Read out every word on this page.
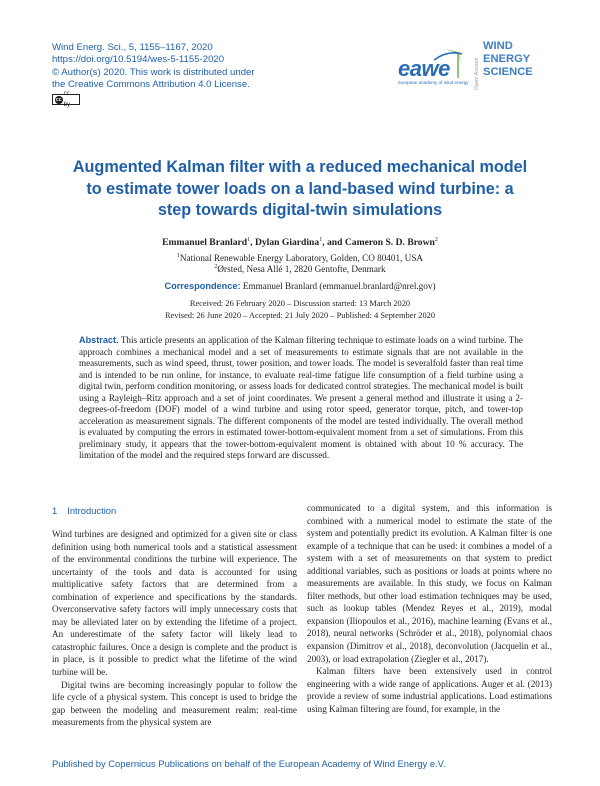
Wind Energ. Sci., 5, 1155–1167, 2020
https://doi.org/10.5194/wes-5-1155-2020
© Author(s) 2020. This work is distributed under
the Creative Commons Attribution 4.0 License.
cc
cc by
eawe
european academy of wind energy Open Access
WIND
ENERGY
SCIENCE
Augmented Kalman filter with a reduced mechanical model to estimate tower loads on a land-based wind turbine: a step towards digital-twin simulations
Emmanuel Branlard$^1$, Dylan Giardina$^1$, and Cameron S. D. Brown$^2$
$^1$National Renewable Energy Laboratory, Golden, CO 80401, USA
$^2$Ørsted, Nesa Allé 1, 2820 Gentofte, Denmark
Correspondence: Emmanuel Branlard (emmanuel.branlard@nrel.gov)
Received: 26 February 2020 – Discussion started: 13 March 2020
Revised: 26 June 2020 – Accepted: 21 July 2020 – Published: 4 September 2020
Abstract. This article presents an application of the Kalman filtering technique to estimate loads on a wind turbine. The approach combines a mechanical model and a set of measurements to estimate signals that are not available in the measurements, such as wind speed, thrust, tower position, and tower loads. The model is severalfold faster than real time and is intended to be run online, for instance, to evaluate real-time fatigue life consumption of a field turbine using a digital twin, perform condition monitoring, or assess loads for dedicated control strategies. The mechanical model is built using a Rayleigh–Ritz approach and a set of joint coordinates. We present a general method and illustrate it using a 2-degrees-of-freedom (DOF) model of a wind turbine and using rotor speed, generator torque, pitch, and tower-top acceleration as measurement signals. The different components of the model are tested individually. The overall method is evaluated by computing the errors in estimated tower-bottom-equivalent moment from a set of simulations. From this preliminary study, it appears that the tower-bottom-equivalent moment is obtained with about 10 % accuracy. The limitation of the model and the required steps forward are discussed.
1 Introduction

Wind turbines are designed and optimized for a given site or class definition using both numerical tools and a statistical assessment of the environmental conditions the turbine will experience. The uncertainty of the tools and data is accounted for using multiplicative safety factors that are determined from a combination of experience and specifications by the standards. Overconservative safety factors will imply unnecessary costs that may be alleviated later on by extending the lifetime of a project. An underestimate of the safety factor will likely lead to catastrophic failures. Once a design is complete and the product is in place, is it possible to predict what the lifetime of the wind turbine will be.

Digital twins are becoming increasingly popular to follow the life cycle of a physical system. This concept is used to bridge the gap between the modeling and measurement realm: real-time measurements from the physical system are

communicated to a digital system, and this information is combined with a numerical model to estimate the state of the system and potentially predict its evolution. A Kalman filter is one example of a technique that can be used: it combines a model of a system with a set of measurements on that system to predict additional variables, such as positions or loads at points where no measurements are available. In this study, we focus on Kalman filter methods, but other load estimation techniques may be used, such as lookup tables (Mendez Reyes et al., 2019), modal expansion (Iliopoulos et al., 2016), machine learning (Evans et al., 2018), neural networks (Schröder et al., 2018), polynomial chaos expansion (Dimitrov et al., 2018), deconvolution (Jacquelin et al., 2003), or load extrapolation (Ziegler et al., 2017).

Kalman filters have been extensively used in control engineering with a wide range of applications. Auger et al. (2013) provide a review of some industrial applications. Load estimations using Kalman filtering are found, for example, in the

Published by Copernicus Publications on behalf of the European Academy of Wind Energy e.V.
